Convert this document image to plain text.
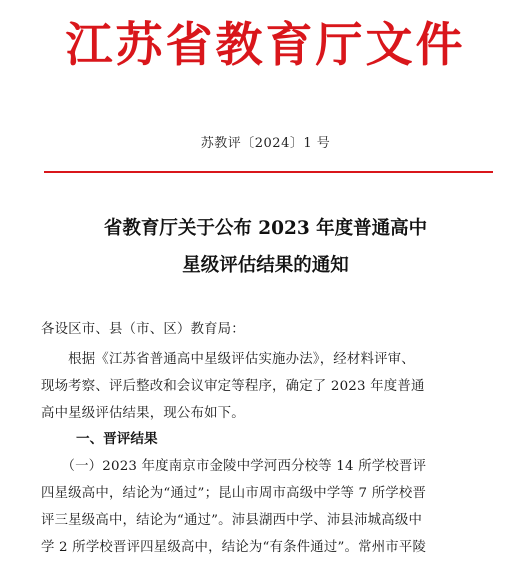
江苏省教育厅文件
苏教评〔2024〕1 号
省教育厅关于公布 2023 年度普通高中
星级评估结果的通知
各设区市、县（市、区）教育局：
　　根据《江苏省普通高中星级评估实施办法》，经材料评审、
现场考察、评后整改和会议审定等程序，确定了 2023 年度普通
高中星级评估结果，现公布如下。
一、晋评结果
　　（一）2023 年度南京市金陵中学河西分校等 14 所学校晋评
四星级高中，结论为“通过”；昆山市周市高级中学等 7 所学校晋
评三星级高中，结论为“通过”。沛县湖西中学、沛县沛城高级中
学 2 所学校晋评四星级高中，结论为“有条件通过”。常州市平陵
